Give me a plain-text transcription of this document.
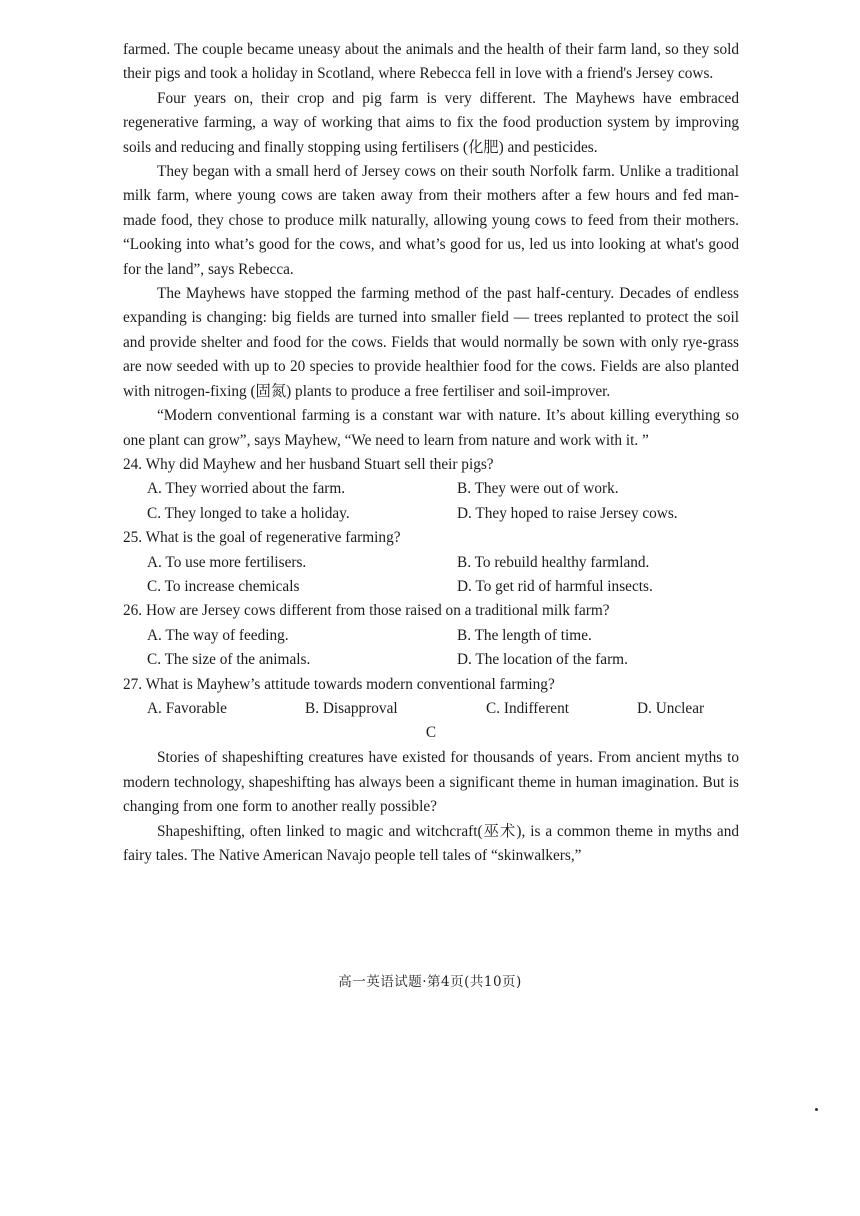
farmed. The couple became uneasy about the animals and the health of their farm land, so they sold their pigs and took a holiday in Scotland, where Rebecca fell in love with a friend's Jersey cows.

Four years on, their crop and pig farm is very different. The Mayhews have embraced regenerative farming, a way of working that aims to fix the food production system by improving soils and reducing and finally stopping using fertilisers (化肥) and pesticides.

They began with a small herd of Jersey cows on their south Norfolk farm. Unlike a traditional milk farm, where young cows are taken away from their mothers after a few hours and fed man-made food, they chose to produce milk naturally, allowing young cows to feed from their mothers. “Looking into what’s good for the cows, and what’s good for us, led us into looking at what's good for the land”, says Rebecca.

The Mayhews have stopped the farming method of the past half-century. Decades of endless expanding is changing: big fields are turned into smaller field — trees replanted to protect the soil and provide shelter and food for the cows. Fields that would normally be sown with only rye-grass are now seeded with up to 20 species to provide healthier food for the cows. Fields are also planted with nitrogen-fixing (固氮) plants to produce a free fertiliser and soil-improver.

“Modern conventional farming is a constant war with nature. It’s about killing everything so one plant can grow”, says Mayhew, “We need to learn from nature and work with it. ”

24. Why did Mayhew and her husband Stuart sell their pigs?

A. They worried about the farm.	B. They were out of work.
C. They longed to take a holiday.	D. They hoped to raise Jersey cows.

25. What is the goal of regenerative farming?

A. To use more fertilisers.	B. To rebuild healthy farmland.
C. To increase chemicals	D. To get rid of harmful insects.

26. How are Jersey cows different from those raised on a traditional milk farm?

A. The way of feeding.	B. The length of time.
C. The size of the animals.	D. The location of the farm.

27. What is Mayhew’s attitude towards modern conventional farming?

A. Favorable	B. Disapproval	C. Indifferent	D. Unclear

C

Stories of shapeshifting creatures have existed for thousands of years. From ancient myths to modern technology, shapeshifting has always been a significant theme in human imagination. But is changing from one form to another really possible?

Shapeshifting, often linked to magic and witchcraft(巫术), is a common theme in myths and fairy tales. The Native American Navajo people tell tales of “skinwalkers,”

高一英语试题·第4页(共10页)
